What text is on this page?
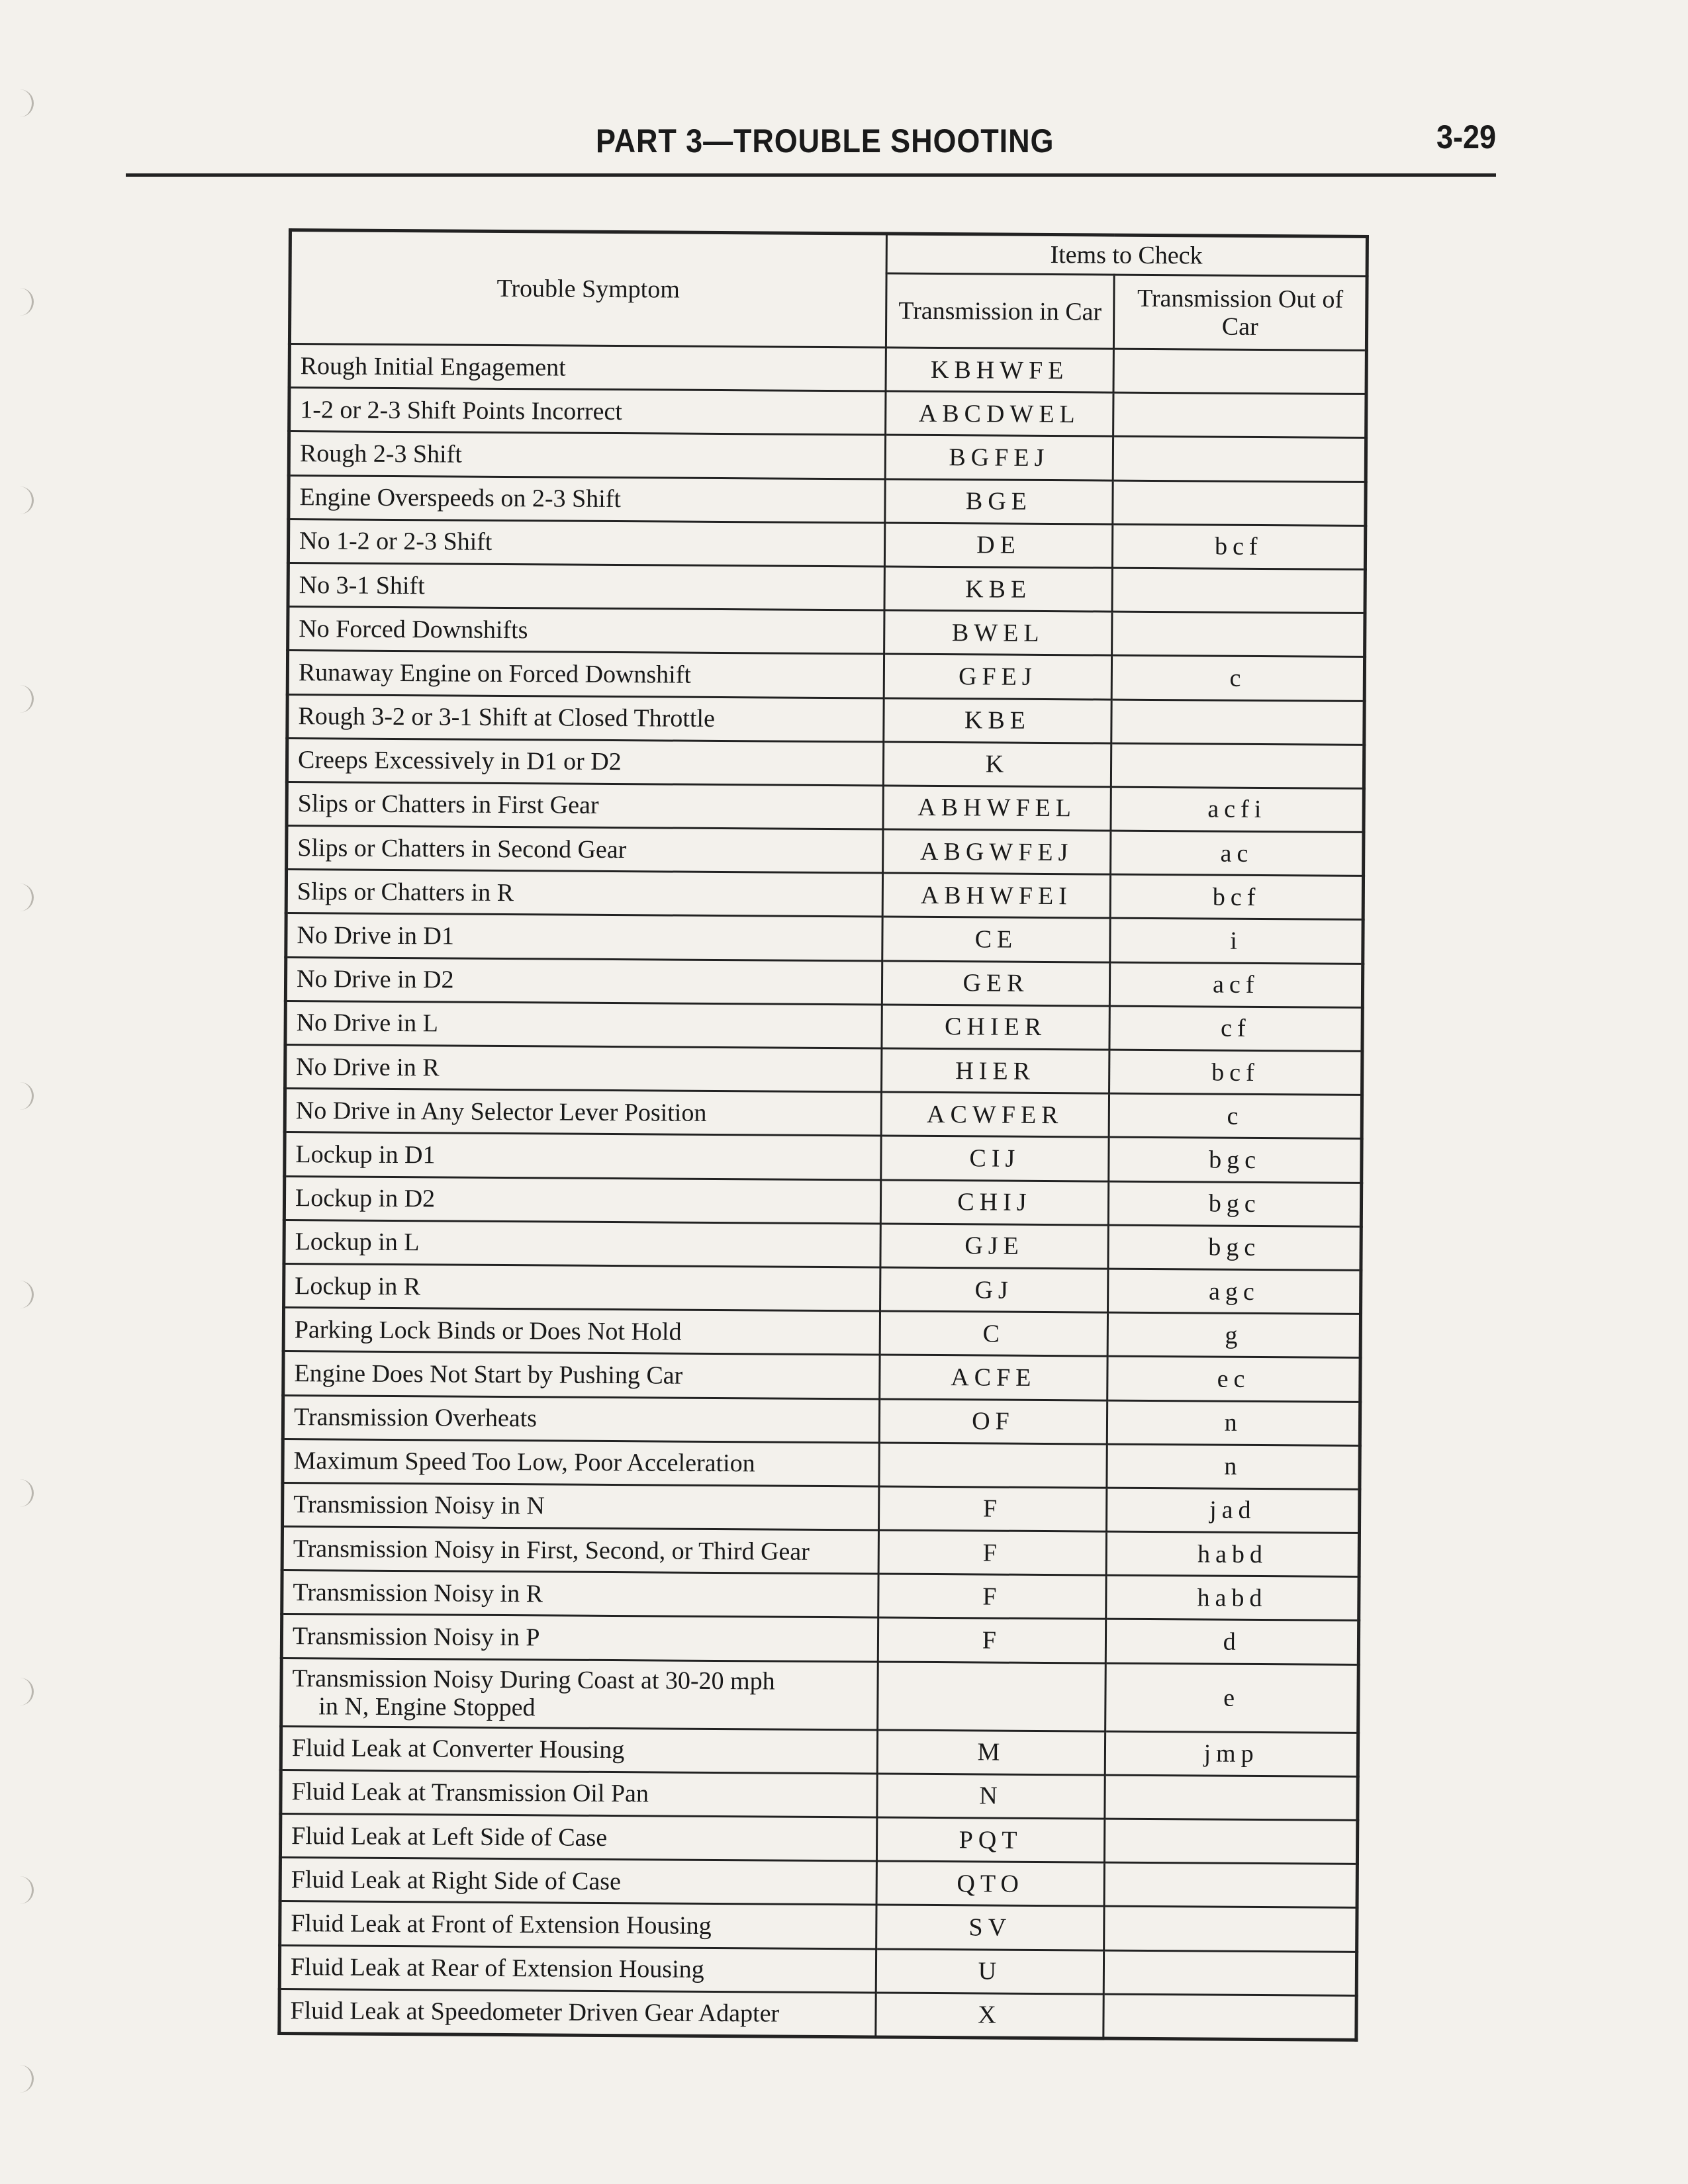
PART 3—TROUBLE SHOOTING	3-29
Trouble Symptom	Items to Check	
	Transmission in Car	Transmission Out of Car
Rough Initial Engagement	KBHWFE	
1-2 or 2-3 Shift Points Incorrect	ABCDWEL	
Rough 2-3 Shift	BGFEJ	
Engine Overspeeds on 2-3 Shift	BGE	
No 1-2 or 2-3 Shift	DE	bcf
No 3-1 Shift	KBE	
No Forced Downshifts	BWEL	
Runaway Engine on Forced Downshift	GFEJ	c
Rough 3-2 or 3-1 Shift at Closed Throttle	KBE	
Creeps Excessively in D1 or D2	K	
Slips or Chatters in First Gear	ABHWFEL	acfi
Slips or Chatters in Second Gear	ABGWFEJ	ac
Slips or Chatters in R	ABHWFEI	bcf
No Drive in D1	CE	i
No Drive in D2	GER	acf
No Drive in L	CHIER	cf
No Drive in R	HIER	bcf
No Drive in Any Selector Lever Position	ACWFER	c
Lockup in D1	CIJ	bgc
Lockup in D2	CHIJ	bgc
Lockup in L	GJE	bgc
Lockup in R	GJ	agc
Parking Lock Binds or Does Not Hold	C	g
Engine Does Not Start by Pushing Car	ACFE	ec
Transmission Overheats	OF	n
Maximum Speed Too Low, Poor Acceleration		n
Transmission Noisy in N	F	jad
Transmission Noisy in First, Second, or Third Gear	F	habd
Transmission Noisy in R	F	habd
Transmission Noisy in P	F	d
Transmission Noisy During Coast at 30-20 mph
in N, Engine Stopped		e
Fluid Leak at Converter Housing	M	jmp
Fluid Leak at Transmission Oil Pan	N	
Fluid Leak at Left Side of Case	PQT	
Fluid Leak at Right Side of Case	QTO	
Fluid Leak at Front of Extension Housing	SV	
Fluid Leak at Rear of Extension Housing	U	
Fluid Leak at Speedometer Driven Gear Adapter	X	
